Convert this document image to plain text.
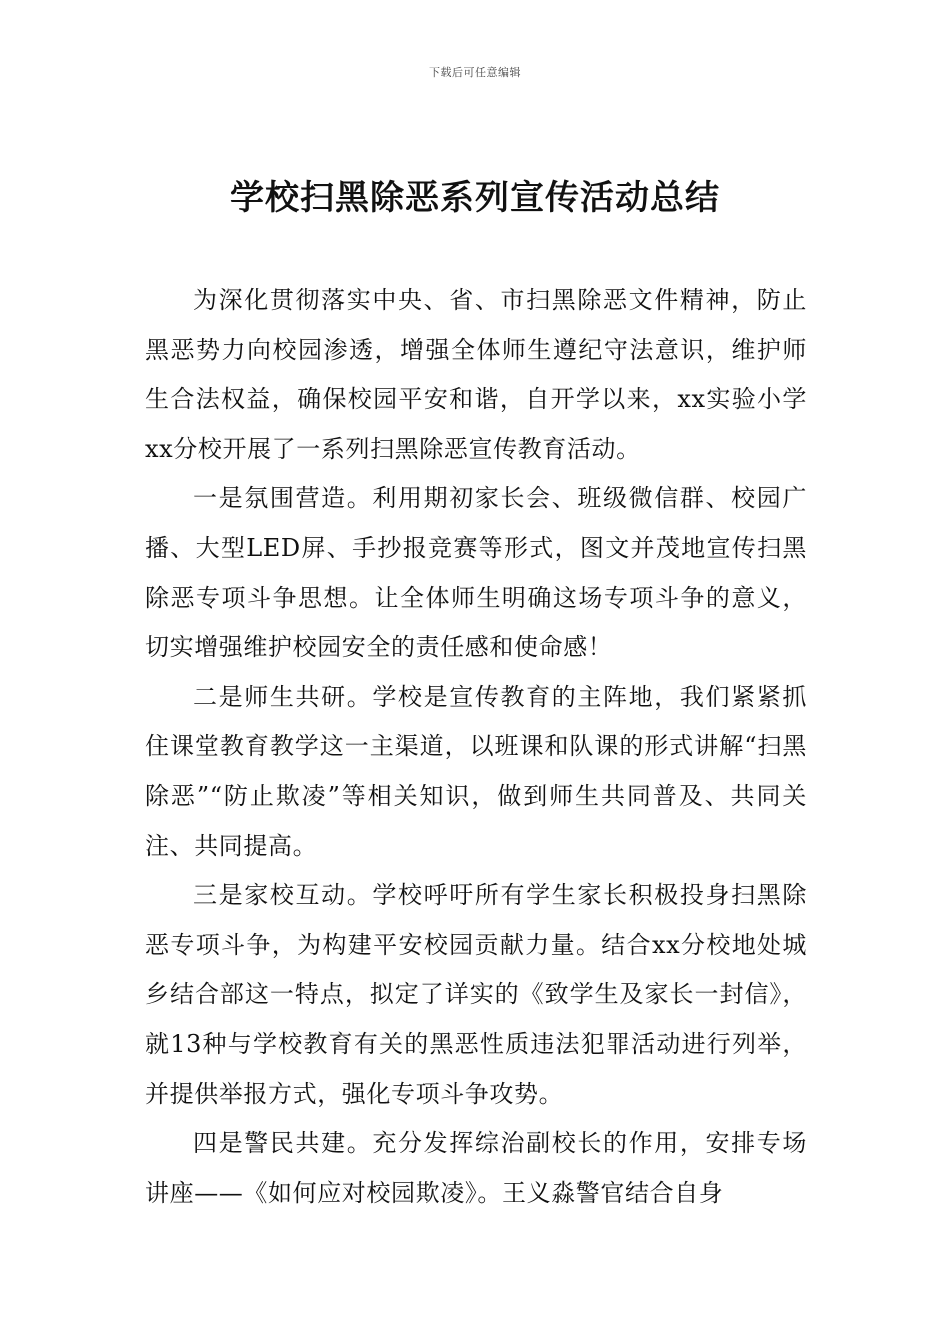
下载后可任意编辑
学校扫黑除恶系列宣传活动总结

为深化贯彻落实中央、省、市扫黑除恶文件精神，防止黑恶势力向校园渗透，增强全体师生遵纪守法意识，维护师生合法权益，确保校园平安和谐，自开学以来，xx实验小学xx分校开展了一系列扫黑除恶宣传教育活动。

一是氛围营造。利用期初家长会、班级微信群、校园广播、大型LED屏、手抄报竞赛等形式，图文并茂地宣传扫黑除恶专项斗争思想。让全体师生明确这场专项斗争的意义，切实增强维护校园安全的责任感和使命感！

二是师生共研。学校是宣传教育的主阵地，我们紧紧抓住课堂教育教学这一主渠道，以班课和队课的形式讲解“扫黑除恶”“防止欺凌”等相关知识，做到师生共同普及、共同关注、共同提高。

三是家校互动。学校呼吁所有学生家长积极投身扫黑除恶专项斗争，为构建平安校园贡献力量。结合xx分校地处城乡结合部这一特点，拟定了详实的《致学生及家长一封信》，就13种与学校教育有关的黑恶性质违法犯罪活动进行列举，并提供举报方式，强化专项斗争攻势。

四是警民共建。充分发挥综治副校长的作用，安排专场讲座——《如何应对校园欺凌》。王义淼警官结合自身
